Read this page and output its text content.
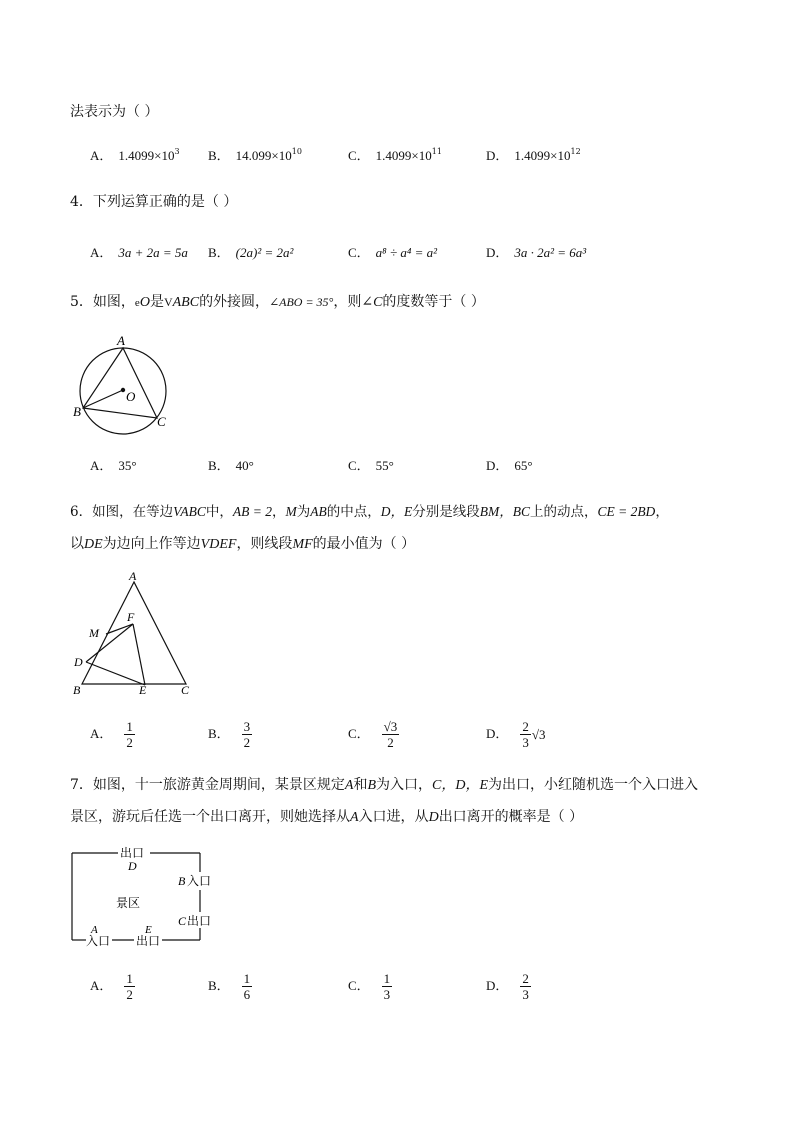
法表示为（ ）
A． $1.4099\times 10^3$ B． $14.099\times 10^{10}$	C． $1.4099\times 10^{11}$	D． $1.4099\times 10^{12}$
4．下列运算正确的是（ ）
A． 3a + 2a = 5a B． (2a)² = 2a²	C． a⁸ ÷ a⁴ = a²	D． 3a · 2a² = 6a³
5．如图，eO是VABC的外接圆，∠ABO = 35°，则∠C的度数等于（ ）
A
B
C
O
A． 35°	B． 40°	C． 55°	D． 65°
6．如图，在等边VABC中，AB = 2，M为AB的中点，D，E分别是线段BM，BC上的动点，CE = 2BD，
以DE为边向上作等边VDEF，则线段MF的最小值为（ ）
A
F
M
D
B	E	C
A． $\frac{1}{2}$	B． $\frac{3}{2}$	C． $\frac{√3}{2}$	D． $\frac{2}{3} √3$
7．如图，十一旅游黄金周期间，某景区规定A和B为入口，C，D，E为出口，小红随机选一个入口进入
景区，游玩后任选一个出口离开，则她选择从A入口进，从D出口离开的概率是（ ）
出口
D
B 入口
景区
C 出口
A
入口
E
出口
A． $\frac{1}{2}$	B． $\frac{1}{6}$	C． $\frac{1}{3}$	D． $\frac{2}{3}$
